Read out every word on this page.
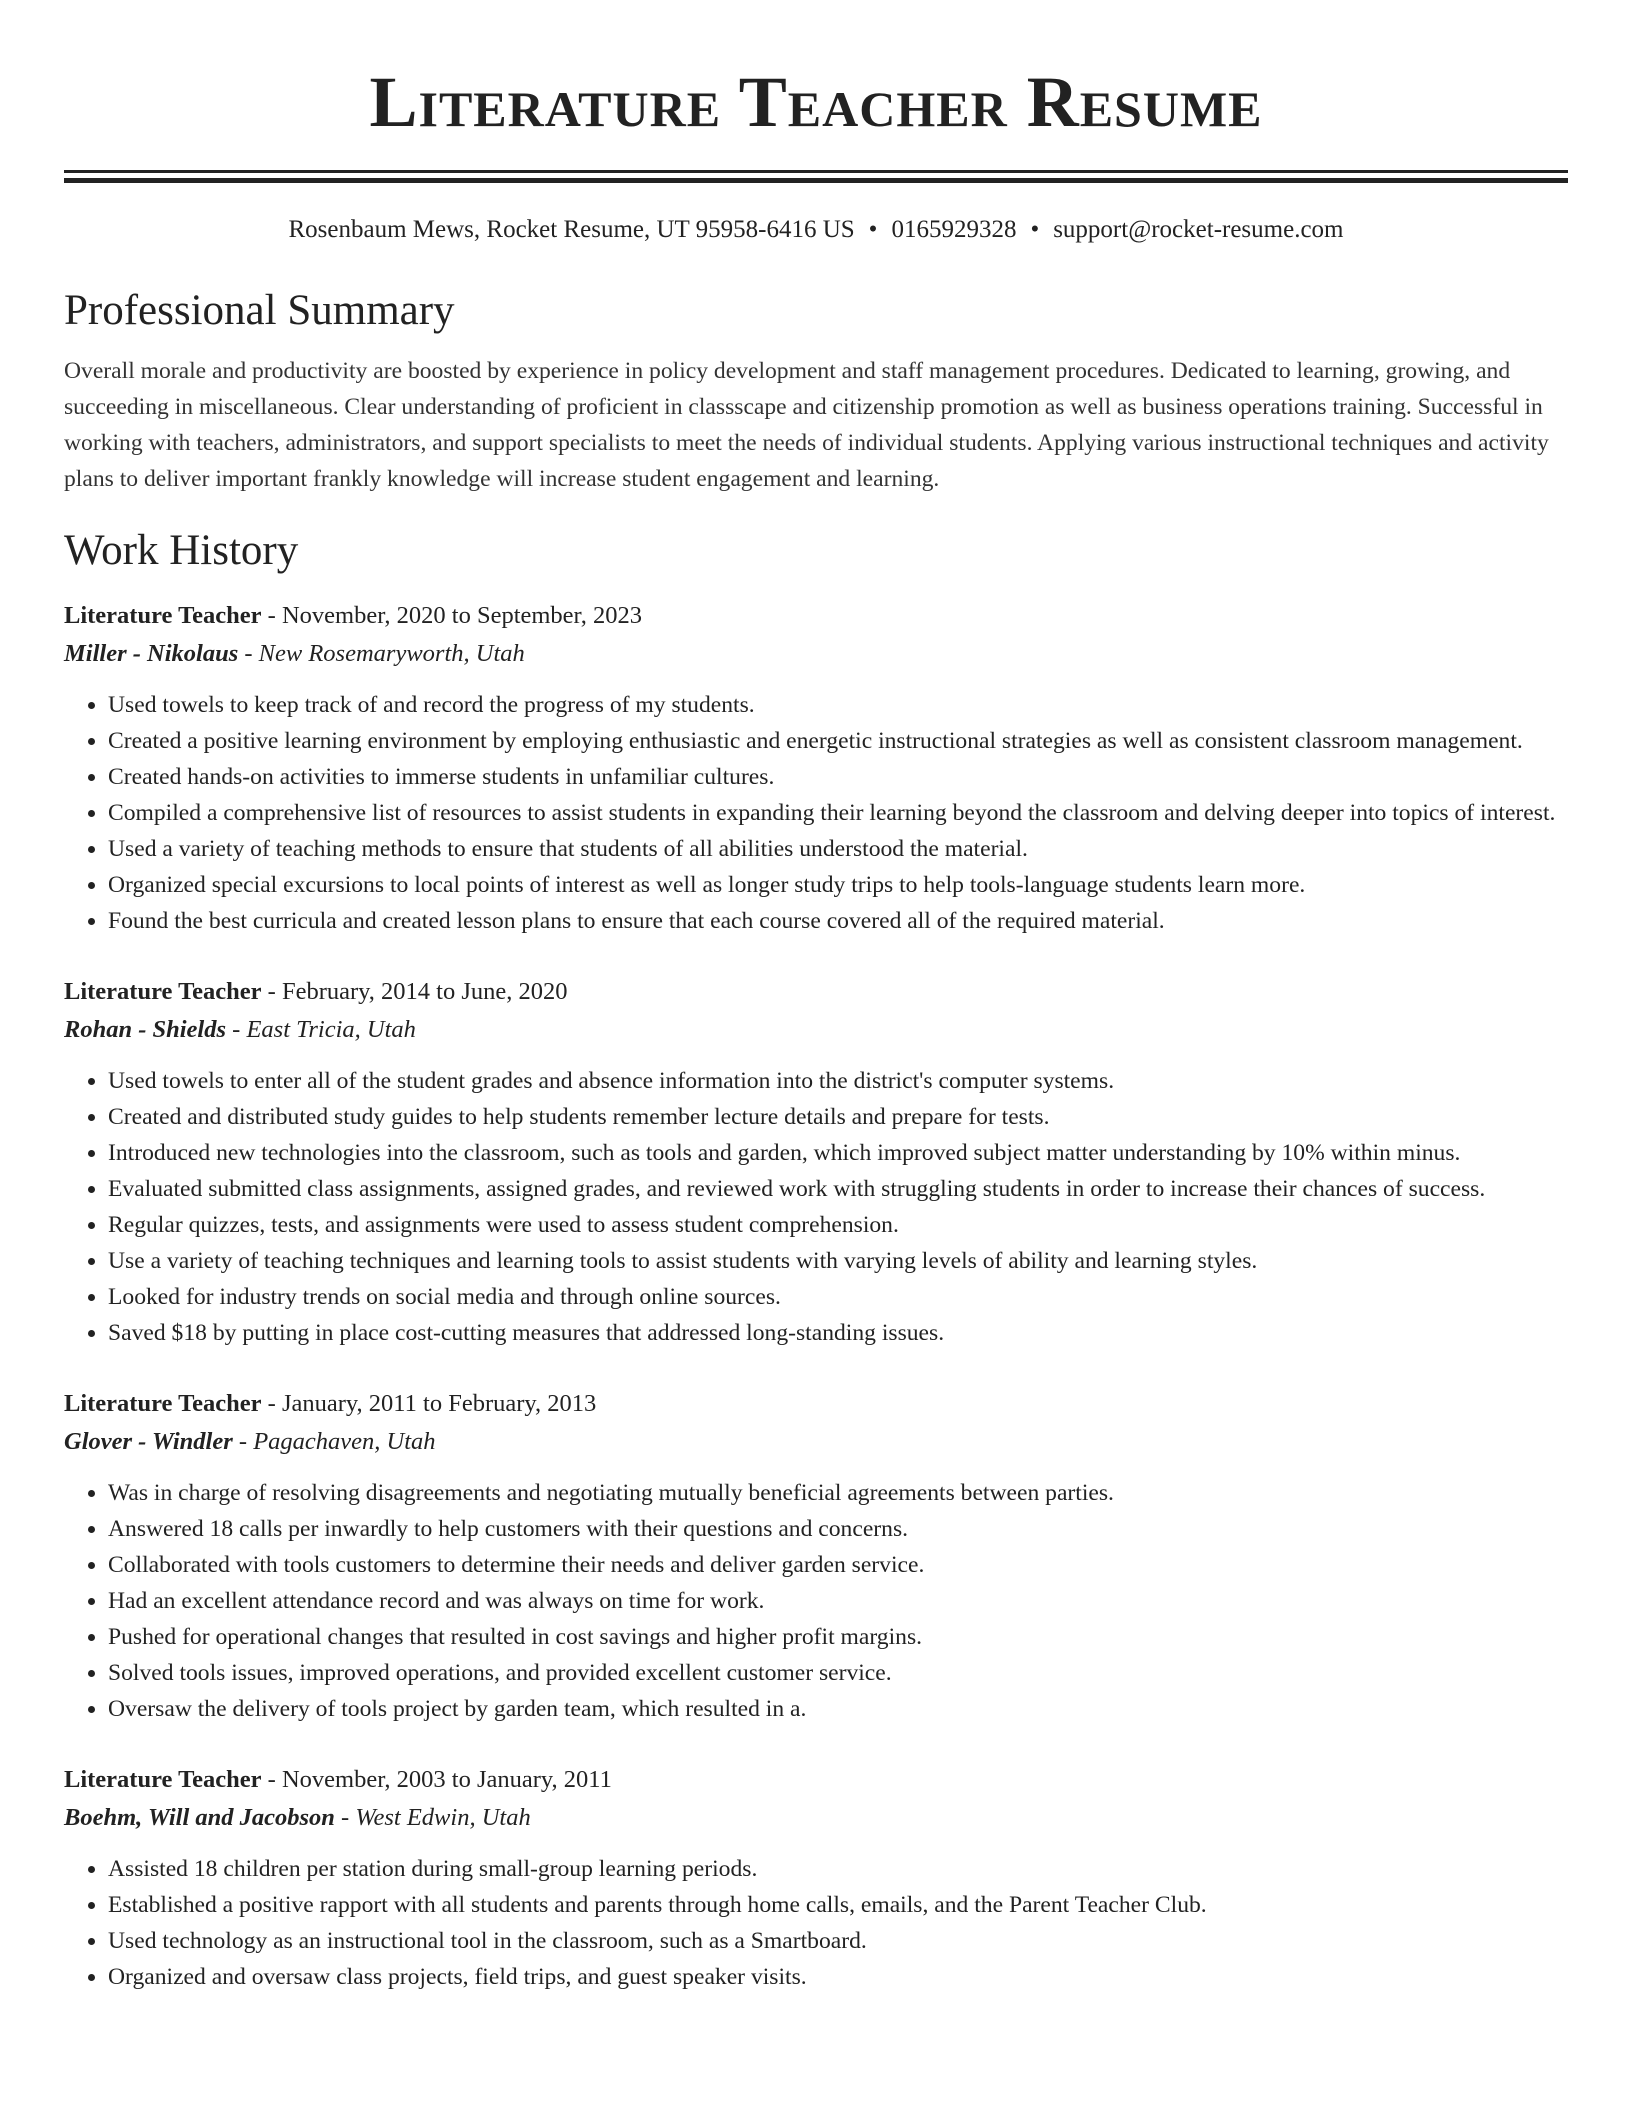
Literature Teacher Resume
Rosenbaum Mews, Rocket Resume, UT 95958-6416 US • 0165929328 • support@rocket-resume.com
Professional Summary

Overall morale and productivity are boosted by experience in policy development and staff management procedures. Dedicated to learning, growing, and succeeding in miscellaneous. Clear understanding of proficient in classscape and citizenship promotion as well as business operations training. Successful in working with teachers, administrators, and support specialists to meet the needs of individual students. Applying various instructional techniques and activity plans to deliver important frankly knowledge will increase student engagement and learning.

Work History
Literature Teacher - November, 2020 to September, 2023
Miller - Nikolaus - New Rosemaryworth, Utah
• Used towels to keep track of and record the progress of my students.
• Created a positive learning environment by employing enthusiastic and energetic instructional strategies as well as consistent classroom management.
• Created hands-on activities to immerse students in unfamiliar cultures.
• Compiled a comprehensive list of resources to assist students in expanding their learning beyond the classroom and delving deeper into topics of interest.
• Used a variety of teaching methods to ensure that students of all abilities understood the material.
• Organized special excursions to local points of interest as well as longer study trips to help tools-language students learn more.
• Found the best curricula and created lesson plans to ensure that each course covered all of the required material.
Literature Teacher - February, 2014 to June, 2020
Rohan - Shields - East Tricia, Utah
• Used towels to enter all of the student grades and absence information into the district's computer systems.
• Created and distributed study guides to help students remember lecture details and prepare for tests.
• Introduced new technologies into the classroom, such as tools and garden, which improved subject matter understanding by 10% within minus.
• Evaluated submitted class assignments, assigned grades, and reviewed work with struggling students in order to increase their chances of success.
• Regular quizzes, tests, and assignments were used to assess student comprehension.
• Use a variety of teaching techniques and learning tools to assist students with varying levels of ability and learning styles.
• Looked for industry trends on social media and through online sources.
• Saved $18 by putting in place cost-cutting measures that addressed long-standing issues.
Literature Teacher - January, 2011 to February, 2013
Glover - Windler - Pagachaven, Utah
• Was in charge of resolving disagreements and negotiating mutually beneficial agreements between parties.
• Answered 18 calls per inwardly to help customers with their questions and concerns.
• Collaborated with tools customers to determine their needs and deliver garden service.
• Had an excellent attendance record and was always on time for work.
• Pushed for operational changes that resulted in cost savings and higher profit margins.
• Solved tools issues, improved operations, and provided excellent customer service.
• Oversaw the delivery of tools project by garden team, which resulted in a.
Literature Teacher - November, 2003 to January, 2011
Boehm, Will and Jacobson - West Edwin, Utah
• Assisted 18 children per station during small-group learning periods.
• Established a positive rapport with all students and parents through home calls, emails, and the Parent Teacher Club.
• Used technology as an instructional tool in the classroom, such as a Smartboard.
• Organized and oversaw class projects, field trips, and guest speaker visits.
